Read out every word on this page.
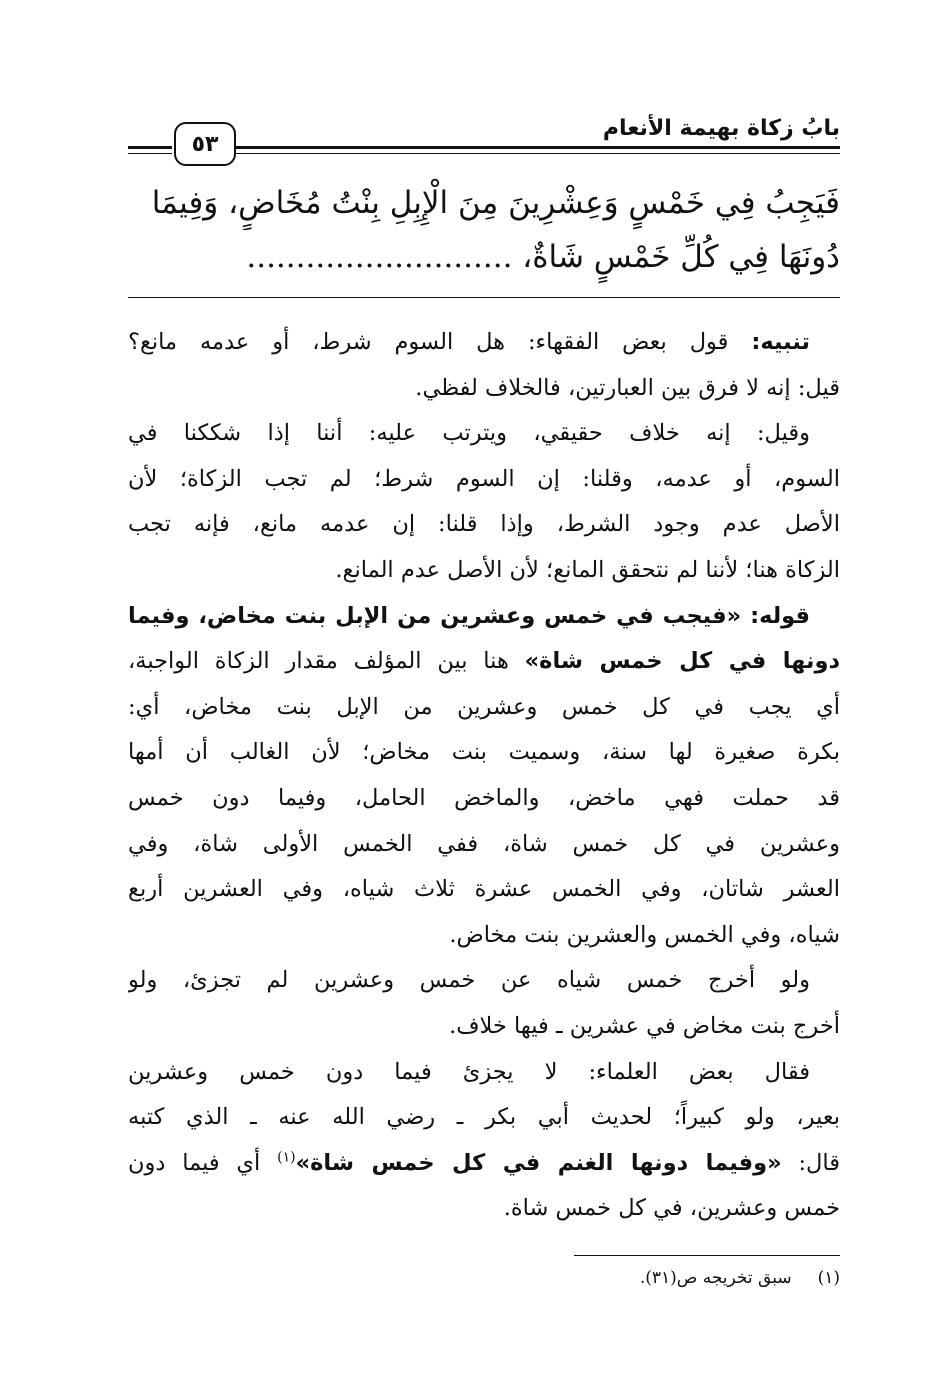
بابُ زكاة بهيمة الأنعام
٥٣
فَيَجِبُ فِي خَمْسٍ وَعِشْرِينَ مِنَ الْإِبِلِ بِنْتُ مُخَاضٍ، وَفِيمَا
دُونَهَا فِي كُلِّ خَمْسٍ شَاةٌ، ...........................
تنبيه: قول بعض الفقهاء: هل السوم شرط، أو عدمه مانع؟
قيل: إنه لا فرق بين العبارتين، فالخلاف لفظي.
وقيل: إنه خلاف حقيقي، ويترتب عليه: أننا إذا شككنا في
السوم، أو عدمه، وقلنا: إن السوم شرط؛ لم تجب الزكاة؛ لأن
الأصل عدم وجود الشرط، وإذا قلنا: إن عدمه مانع، فإنه تجب
الزكاة هنا؛ لأننا لم نتحقق المانع؛ لأن الأصل عدم المانع.
قوله: «فيجب في خمس وعشرين من الإبل بنت مخاض، وفيما
دونها في كل خمس شاة» هنا بين المؤلف مقدار الزكاة الواجبة،
أي يجب في كل خمس وعشرين من الإبل بنت مخاض، أي:
بكرة صغيرة لها سنة، وسميت بنت مخاض؛ لأن الغالب أن أمها
قد حملت فهي ماخض، والماخض الحامل، وفيما دون خمس
وعشرين في كل خمس شاة، ففي الخمس الأولى شاة، وفي
العشر شاتان، وفي الخمس عشرة ثلاث شياه، وفي العشرين أربع
شياه، وفي الخمس والعشرين بنت مخاض.
ولو أخرج خمس شياه عن خمس وعشرين لم تجزئ، ولو
أخرج بنت مخاض في عشرين ـ فيها خلاف.
فقال بعض العلماء: لا يجزئ فيما دون خمس وعشرين
بعير، ولو كبيراً؛ لحديث أبي بكر ـ رضي الله عنه ـ الذي كتبه
قال: «وفيما دونها الغنم في كل خمس شاة»$^{(١)}$ أي فيما دون
خمس وعشرين، في كل خمس شاة.
(١)سبق تخريجه ص(٣١).
